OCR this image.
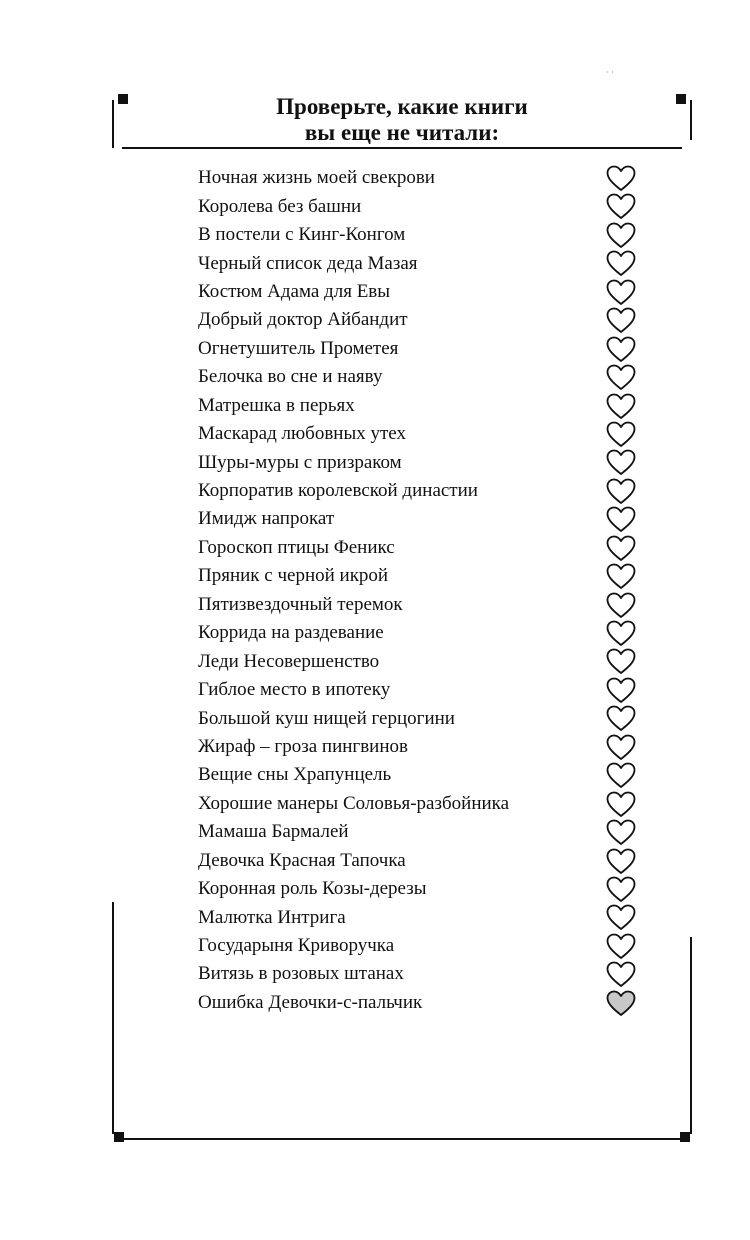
· ·
Проверьте, какие книги
вы еще не читали:
Ночная жизнь моей свекрови
Королева без башни
В постели с Кинг-Конгом
Черный список деда Мазая
Костюм Адама для Евы
Добрый доктор Айбандит
Огнетушитель Прометея
Белочка во сне и наяву
Матрешка в перьях
Маскарад любовных утех
Шуры-муры с призраком
Корпоратив королевской династии
Имидж напрокат
Гороскоп птицы Феникс
Пряник с черной икрой
Пятизвездочный теремок
Коррида на раздевание
Леди Несовершенство
Гиблое место в ипотеку
Большой куш нищей герцогини
Жираф – гроза пингвинов
Вещие сны Храпунцель
Хорошие манеры Соловья-разбойника
Мамаша Бармалей
Девочка Красная Тапочка
Коронная роль Козы-дерезы
Малютка Интрига
Государыня Криворучка
Витязь в розовых штанах
Ошибка Девочки-с-пальчик
